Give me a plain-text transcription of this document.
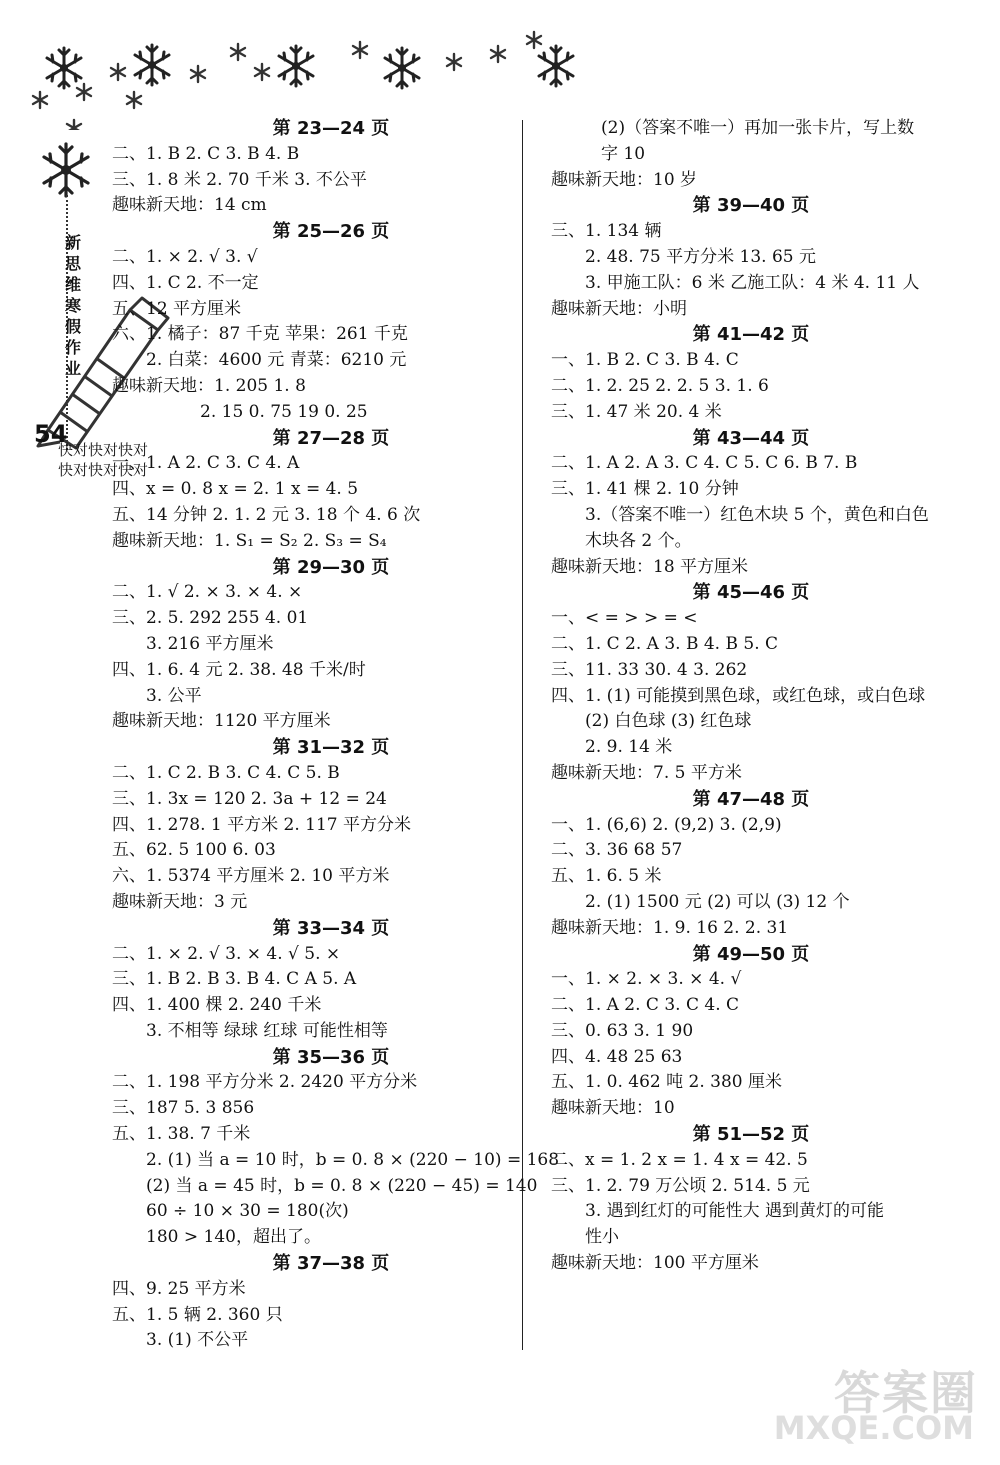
新
思
维
寒
假
作
业
54
快对快对快对
快对快对快对
第 23—24 页
二、1. B 2. C 3. B 4. B
三、1. 8 米 2. 70 千米 3. 不公平
趣味新天地：14 cm
第 25—26 页
二、1. × 2. √ 3. √
四、1. C 2. 不一定
五、12 平方厘米
六、1. 橘子：87 千克 苹果：261 千克
2. 白菜：4600 元 青菜：6210 元
趣味新天地：1. 205 1. 8
2. 15 0. 75 19 0. 25
第 27—28 页
一、1. A 2. C 3. C 4. A
四、x = 0. 8 x = 2. 1 x = 4. 5
五、14 分钟 2. 1. 2 元 3. 18 个 4. 6 次
趣味新天地：1. S₁ = S₂ 2. S₃ = S₄
第 29—30 页
二、1. √ 2. × 3. × 4. ×
三、2. 5. 292 255 4. 01
3. 216 平方厘米
四、1. 6. 4 元 2. 38. 48 千米/时
3. 公平
趣味新天地：1120 平方厘米
第 31—32 页
二、1. C 2. B 3. C 4. C 5. B
三、1. 3x = 120 2. 3a + 12 = 24
四、1. 278. 1 平方米 2. 117 平方分米
五、62. 5 100 6. 03
六、1. 5374 平方厘米 2. 10 平方米
趣味新天地：3 元
第 33—34 页
二、1. × 2. √ 3. × 4. √ 5. ×
三、1. B 2. B 3. B 4. C A 5. A
四、1. 400 棵 2. 240 千米
3. 不相等 绿球 红球 可能性相等
第 35—36 页
二、1. 198 平方分米 2. 2420 平方分米
三、187 5. 3 856
五、1. 38. 7 千米
2. (1) 当 a = 10 时，b = 0. 8 × (220 − 10) = 168
(2) 当 a = 45 时，b = 0. 8 × (220 − 45) = 140
60 ÷ 10 × 30 = 180(次)
180 > 140，超出了。
第 37—38 页
四、9. 25 平方米
五、1. 5 辆 2. 360 只
3. (1) 不公平
(2)（答案不唯一）再加一张卡片，写上数
字 10
趣味新天地：10 岁
第 39—40 页
三、1. 134 辆
2. 48. 75 平方分米 13. 65 元
3. 甲施工队：6 米 乙施工队：4 米 4. 11 人
趣味新天地：小明
第 41—42 页
一、1. B 2. C 3. B 4. C
二、1. 2. 25 2. 2. 5 3. 1. 6
三、1. 47 米 20. 4 米
第 43—44 页
二、1. A 2. A 3. C 4. C 5. C 6. B 7. B
三、1. 41 棵 2. 10 分钟
3.（答案不唯一）红色木块 5 个，黄色和白色
木块各 2 个。
趣味新天地：18 平方厘米
第 45—46 页
一、< = > > = <
二、1. C 2. A 3. B 4. B 5. C
三、11. 33 30. 4 3. 262
四、1. (1) 可能摸到黑色球，或红色球，或白色球
(2) 白色球 (3) 红色球
2. 9. 14 米
趣味新天地：7. 5 平方米
第 47—48 页
一、1. (6,6) 2. (9,2) 3. (2,9)
二、3. 36 68 57
五、1. 6. 5 米
2. (1) 1500 元 (2) 可以 (3) 12 个
趣味新天地：1. 9. 16 2. 2. 31
第 49—50 页
一、1. × 2. × 3. × 4. √
二、1. A 2. C 3. C 4. C
三、0. 63 3. 1 90
四、4. 48 25 63
五、1. 0. 462 吨 2. 380 厘米
趣味新天地：10
第 51—52 页
二、x = 1. 2 x = 1. 4 x = 42. 5
三、1. 2. 79 万公顷 2. 514. 5 元
3. 遇到红灯的可能性大 遇到黄灯的可能
性小
趣味新天地：100 平方厘米
答案圈
MXQE.COM
